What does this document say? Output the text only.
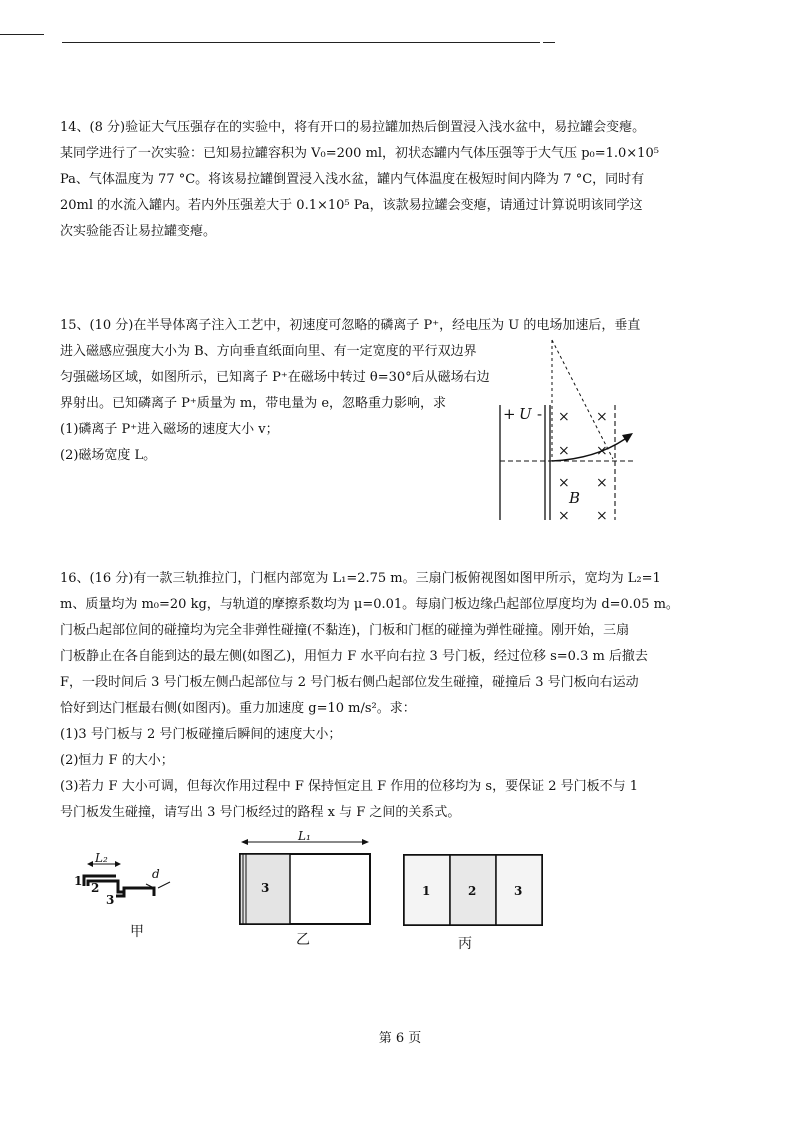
14、(8 分)验证大气压强存在的实验中，将有开口的易拉罐加热后倒置浸入浅水盆中，易拉罐会变瘪。

某同学进行了一次实验：已知易拉罐容积为 V₀=200 ml，初状态罐内气体压强等于大气压 p₀=1.0×10⁵

Pa、气体温度为 77 °C。将该易拉罐倒置浸入浅水盆，罐内气体温度在极短时间内降为 7 °C，同时有

20ml 的水流入罐内。若内外压强差大于 0.1×10⁵ Pa，该款易拉罐会变瘪，请通过计算说明该同学这

次实验能否让易拉罐变瘪。

15、(10 分)在半导体离子注入工艺中，初速度可忽略的磷离子 P⁺，经电压为 U 的电场加速后，垂直

进入磁感应强度大小为 B、方向垂直纸面向里、有一定宽度的平行双边界

匀强磁场区域，如图所示，已知离子 P⁺在磁场中转过 θ=30°后从磁场右边

界射出。已知磷离子 P⁺质量为 m，带电量为 e，忽略重力影响，求

(1)磷离子 P⁺进入磁场的速度大小 v；

(2)磁场宽度 L。

+ U - × ×
× ×
× ×
× ×
B

16、(16 分)有一款三轨推拉门，门框内部宽为 L₁=2.75 m。三扇门板俯视图如图甲所示，宽均为 L₂=1

m、质量均为 m₀=20 kg，与轨道的摩擦系数均为 μ=0.01。每扇门板边缘凸起部位厚度均为 d=0.05 m。

门板凸起部位间的碰撞均为完全非弹性碰撞(不黏连)，门板和门框的碰撞为弹性碰撞。刚开始，三扇

门板静止在各自能到达的最左侧(如图乙)，用恒力 F 水平向右拉 3 号门板，经过位移 s=0.3 m 后撤去

F，一段时间后 3 号门板左侧凸起部位与 2 号门板右侧凸起部位发生碰撞，碰撞后 3 号门板向右运动

恰好到达门框最右侧(如图丙)。重力加速度 g=10 m/s²。求：

(1)3 号门板与 2 号门板碰撞后瞬间的速度大小；

(2)恒力 F 的大小；

(3)若力 F 大小可调，但每次作用过程中 F 保持恒定且 F 作用的位移均为 s，要保证 2 号门板不与 1

号门板发生碰撞，请写出 3 号门板经过的路程 x 与 F 之间的关系式。

L₂
d
1 2
3
甲
L₁
3
乙
1	2	3
丙
第 6 页
